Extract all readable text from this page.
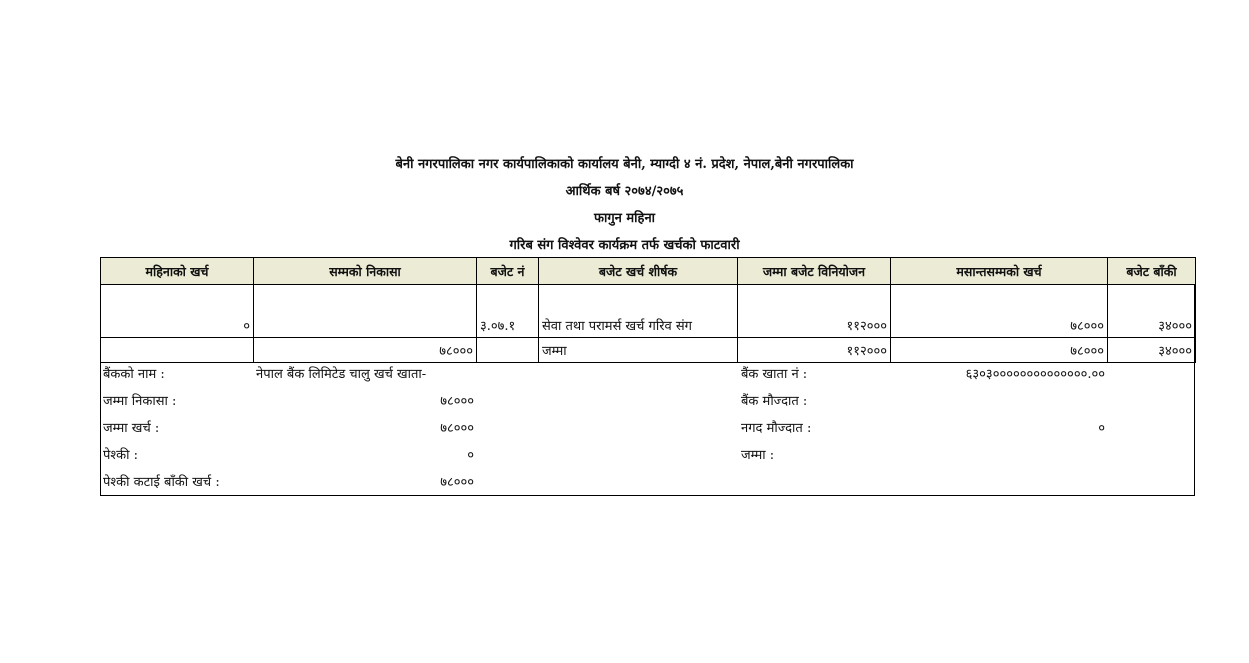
बेनी नगरपालिका नगर कार्यपालिकाको कार्यालय बेनी, म्याग्दी ४ नं. प्रदेश, नेपाल,बेनी नगरपालिका
आर्थिक बर्ष २०७४/२०७५
फागुन महिना
गरिब संग विश्वेवर कार्यक्रम तर्फ खर्चको फाटवारी
महिनाको खर्च	सम्मको निकासा	बजेट नं	बजेट खर्च शीर्षक	जम्मा बजेट विनियोजन	मसान्तसम्मको खर्च	बजेट बाँकी
०		३.०७.१	सेवा तथा परामर्स खर्च गरिव संग	११२०००	७८०००	३४०००
	७८०००		जम्मा	११२०००	७८०००	३४०००
बैंकको नाम :	नेपाल बैंक लिमिटेड चालु खर्च खाता-
जम्मा निकासा :	७८०००
जम्मा खर्च :	७८०००
पेश्की :	०
पेश्की कटाई बाँकी खर्च :	७८०००
बैंक खाता नं :	६३०३००००००००००००००.००
बैंक मौज्दात :
नगद मौज्दात :	०
जम्मा :
